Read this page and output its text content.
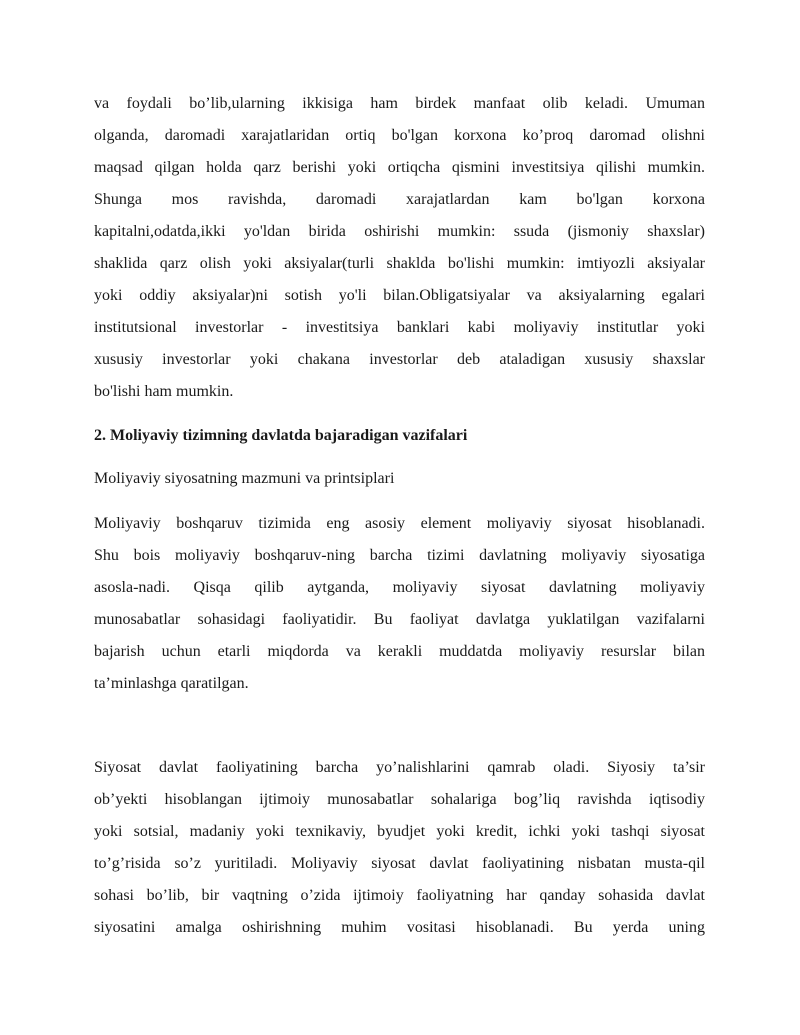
va foydali bo’lib,ularning ikkisiga ham birdek manfaat olib keladi. Umuman
olganda, daromadi xarajatlaridan ortiq bo'lgan korxona ko’proq daromad olishni
maqsad qilgan holda qarz berishi yoki ortiqcha qismini investitsiya qilishi mumkin.
Shunga mos ravishda, daromadi xarajatlardan kam bo'lgan korxona
kapitalni,odatda,ikki yo'ldan birida oshirishi mumkin: ssuda (jismoniy shaxslar)
shaklida qarz olish yoki aksiyalar(turli shaklda bo'lishi mumkin: imtiyozli aksiyalar
yoki oddiy aksiyalar)ni sotish yo'li bilan.Obligatsiyalar va aksiyalarning egalari
institutsional investorlar - investitsiya banklari kabi moliyaviy institutlar yoki
xususiy investorlar yoki chakana investorlar deb ataladigan xususiy shaxslar
bo'lishi ham mumkin.
2. Moliyaviy tizimning davlatda bajaradigan vazifalari
Moliyaviy siyosatning mazmuni va printsiplari
Moliyaviy boshqaruv tizimida eng asosiy element moliyaviy siyosat hisoblanadi.
Shu bois moliyaviy boshqaruv-ning barcha tizimi davlatning moliyaviy siyosatiga
asosla-nadi. Qisqa qilib aytganda, moliyaviy siyosat davlatning moliyaviy
munosabatlar sohasidagi faoliyatidir. Bu faoliyat davlatga yuklatilgan vazifalarni
bajarish uchun etarli miqdorda va kerakli muddatda moliyaviy resurslar bilan
ta’minlashga qaratilgan.
Siyosat davlat faoliyatining barcha yo’nalishlarini qamrab oladi. Siyosiy ta’sir
ob’yekti hisoblangan ijtimoiy munosabatlar sohalariga bog’liq ravishda iqtisodiy
yoki sotsial, madaniy yoki texnikaviy, byudjet yoki kredit, ichki yoki tashqi siyosat
to’g’risida so’z yuritiladi. Moliyaviy siyosat davlat faoliyatining nisbatan musta-qil
sohasi bo’lib, bir vaqtning o’zida ijtimoiy faoliyatning har qanday sohasida davlat
siyosatini amalga oshirishning muhim vositasi hisoblanadi. Bu yerda uning
